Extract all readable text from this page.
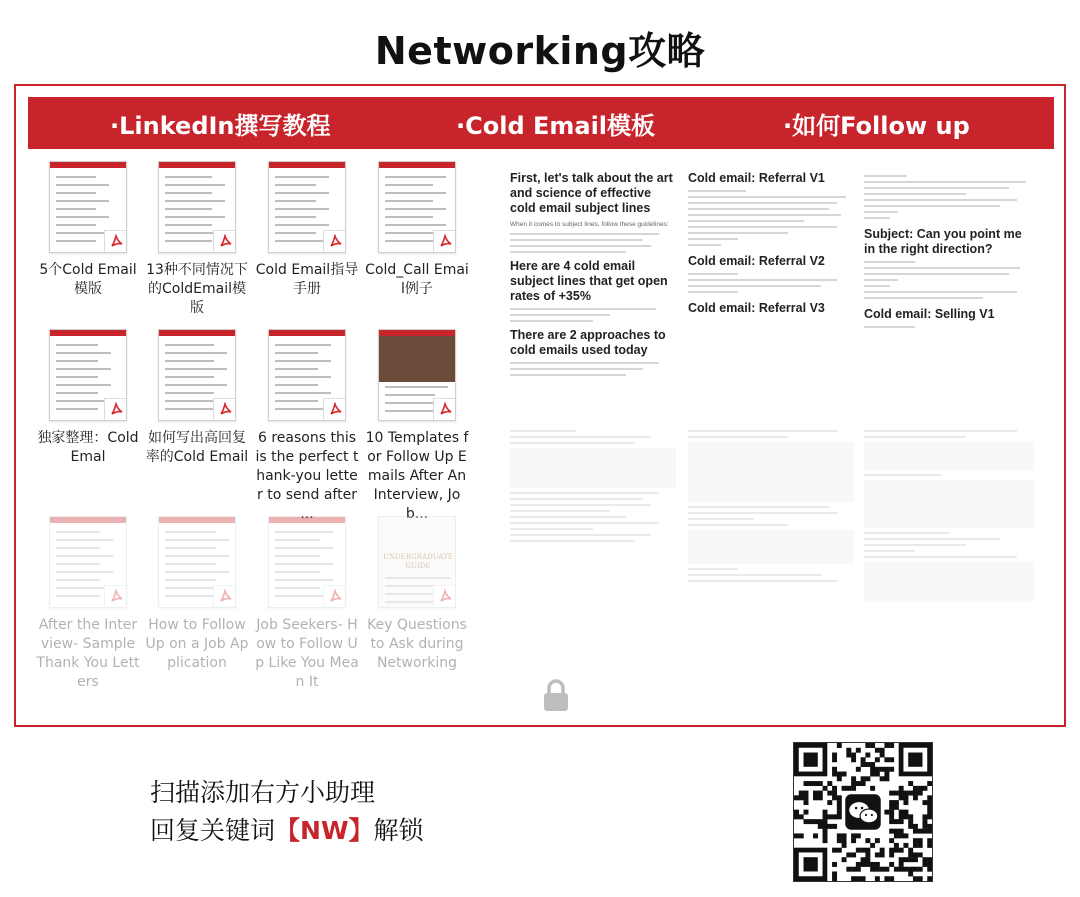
Networking攻略
·LinkedIn撰写教程	·Cold Email模板	·如何Follow up
5个Cold Email模版
13种不同情况下的ColdEmail模版
Cold Email指导手册
Cold_Call Email例子
独家整理：Cold Emal
如何写出高回复率的Cold Email
6 reasons this is the perfect thank-you letter to send after ...
10 Templates for Follow Up Emails After An Interview, Job...
After the Interview- Sample Thank You Letters
How to Follow Up on a Job Application
Job Seekers- How to Follow Up Like You Mean It
UNDERGRADUATE GUIDE
Key Questions to Ask during Networking
First, let's talk about the art and science of effective cold email subject lines
When it comes to subject lines, follow these guidelines:
Here are 4 cold email subject lines that get open rates of +35%
There are 2 approaches to cold emails used today
Cold email: Referral V1
Cold email: Referral V2
Cold email: Referral V3
Subject: Can you point me in the right direction?
Cold email: Selling V1
扫描添加右方小助理
回复关键词【NW】解锁
